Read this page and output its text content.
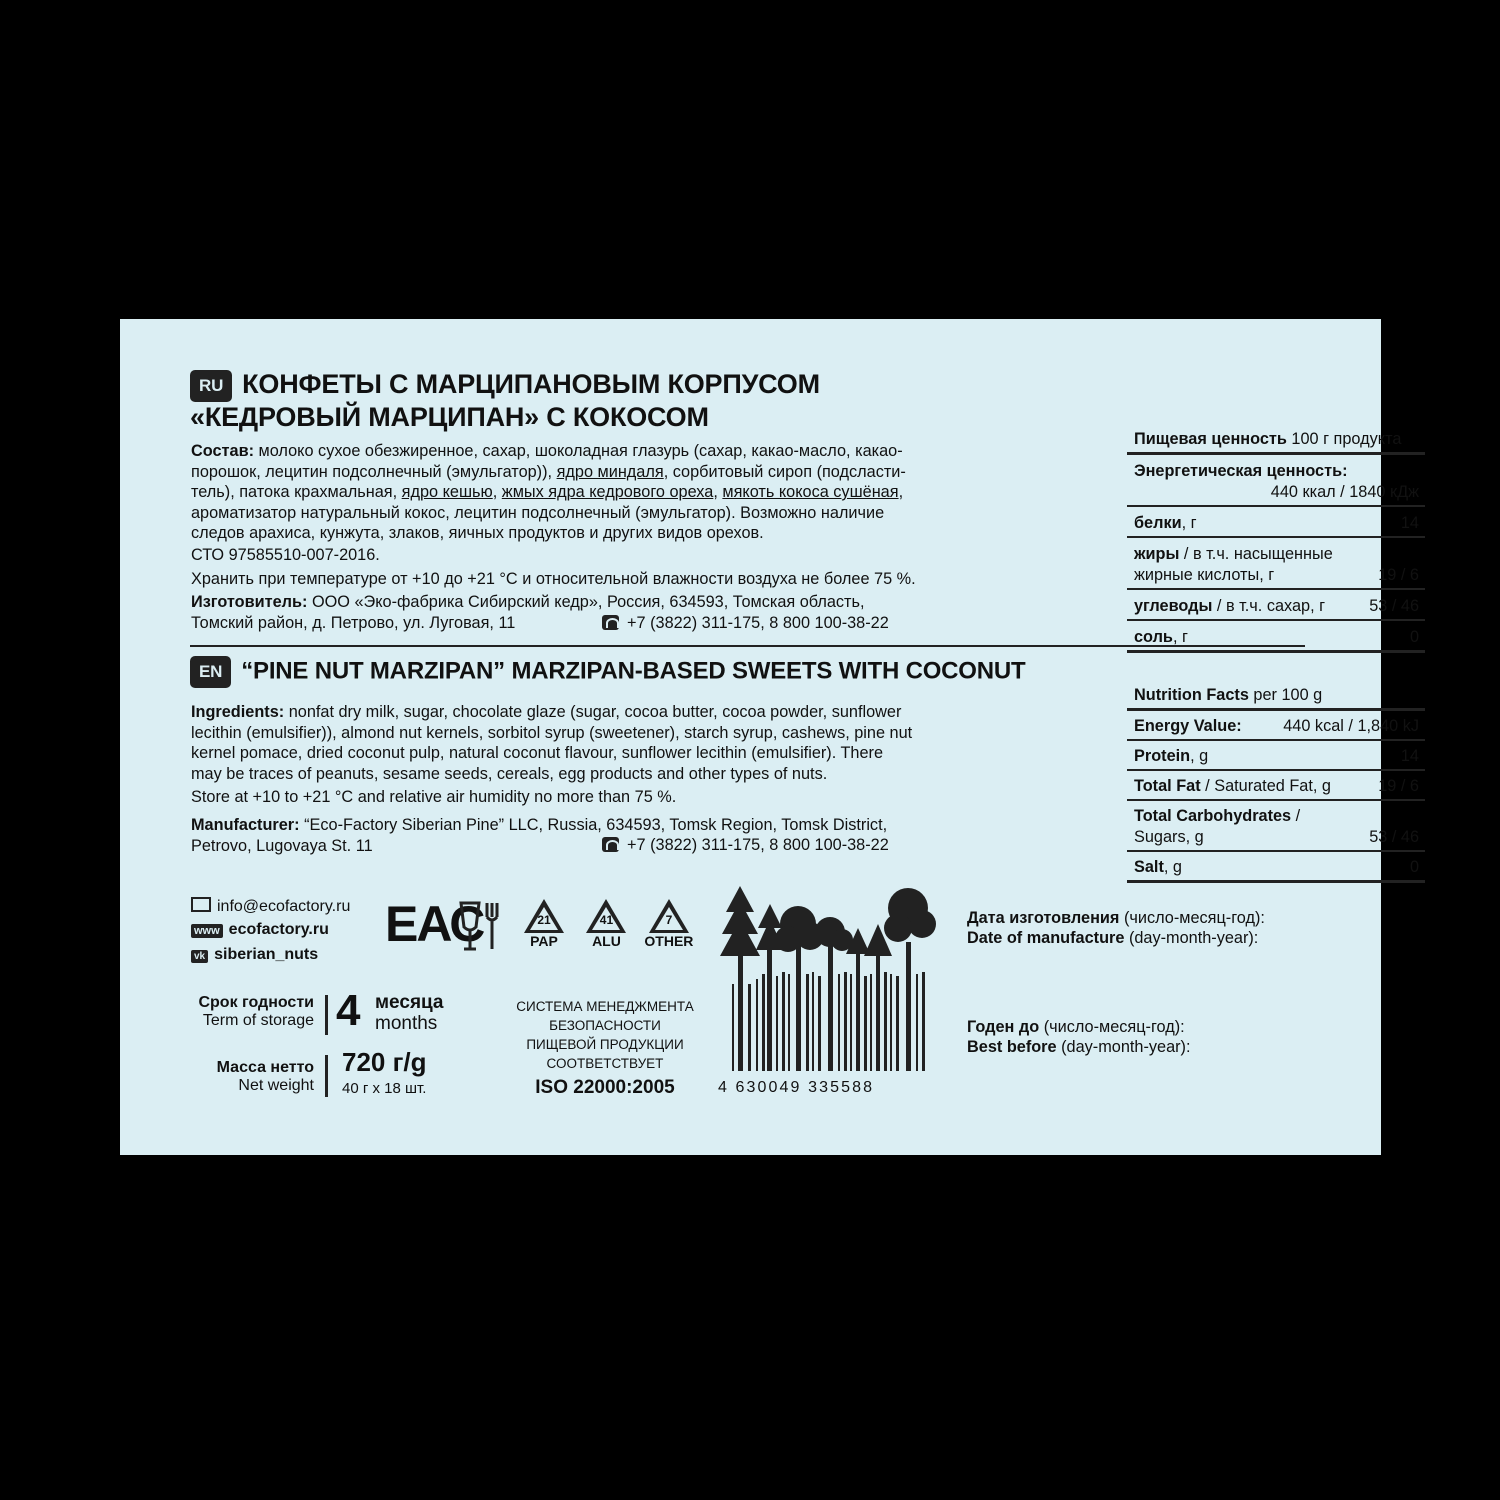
RU КОНФЕТЫ С МАРЦИПАНОВЫМ КОРПУСОМ
«КЕДРОВЫЙ МАРЦИПАН» С КОКОСОМ
Состав: молоко сухое обезжиренное, сахар, шоколадная глазурь (сахар, какао-масло, какао-
порошок, лецитин подсолнечный (эмульгатор)), ядро миндаля, сорбитовый сироп (подсласти-
тель), патока крахмальная, ядро кешью, жмых ядра кедрового ореха, мякоть кокоса сушёная,
ароматизатор натуральный кокос, лецитин подсолнечный (эмульгатор). Возможно наличие
следов арахиса, кунжута, злаков, яичных продуктов и других видов орехов.
СТО 97585510-007-2016.
Хранить при температуре от +10 до +21 °С и относительной влажности воздуха не более 75 %.
Изготовитель: ООО «Эко-фабрика Сибирский кедр», Россия, 634593, Томская область,
Томский район, д. Петрово, ул. Луговая, 11	+7 (3822) 311-175, 8 800 100-38-22
Пищевая ценность 100 г продукта
Энергетическая ценность:

440 ккал / 1840 кДж
белки, г	14
жиры / в т.ч. насыщенные
жирные кислоты, г	19 / 6
углеводы / в т.ч. сахар, г	53 / 46
соль, г	0
EN “PINE NUT MARZIPAN” MARZIPAN-BASED SWEETS WITH COCONUT
Ingredients: nonfat dry milk, sugar, chocolate glaze (sugar, cocoa butter, cocoa powder, sunflower
lecithin (emulsifier)), almond nut kernels, sorbitol syrup (sweetener), starch syrup, cashews, pine nut
kernel pomace, dried coconut pulp, natural coconut flavour, sunflower lecithin (emulsifier). There
may be traces of peanuts, sesame seeds, cereals, egg products and other types of nuts.
Store at +10 to +21 °C and relative air humidity no more than 75 %.
Manufacturer: “Eco-Factory Siberian Pine” LLC, Russia, 634593, Tomsk Region, Tomsk District,
Petrovo, Lugovaya St. 11	+7 (3822) 311-175, 8 800 100-38-22
Nutrition Facts per 100 g
Energy Value:	440 kcal / 1,840 kJ
Protein, g	14
Total Fat / Saturated Fat, g	19 / 6
Total Carbohydrates /
Sugars, g	53 / 46
Salt, g	0
info@ecofactory.ru
www ecofactory.ru
vk siberian_nuts
ЕАС	21
PAP

41
ALU

7
OTHER
Срок годности
Term of storage 4 месяца
months
Масса нетто
Net weight
720 г/g
40 г х 18 шт.
СИСТЕМА МЕНЕДЖМЕНТА
БЕЗОПАСНОСТИ
ПИЩЕВОЙ ПРОДУКЦИИ
СООТВЕТСТВУЕТ
ISO 22000:2005	4 630049 335588
Дата изготовления (число-месяц-год):
Date of manufacture (day-month-year):
Годен до (число-месяц-год):
Best before (day-month-year):
